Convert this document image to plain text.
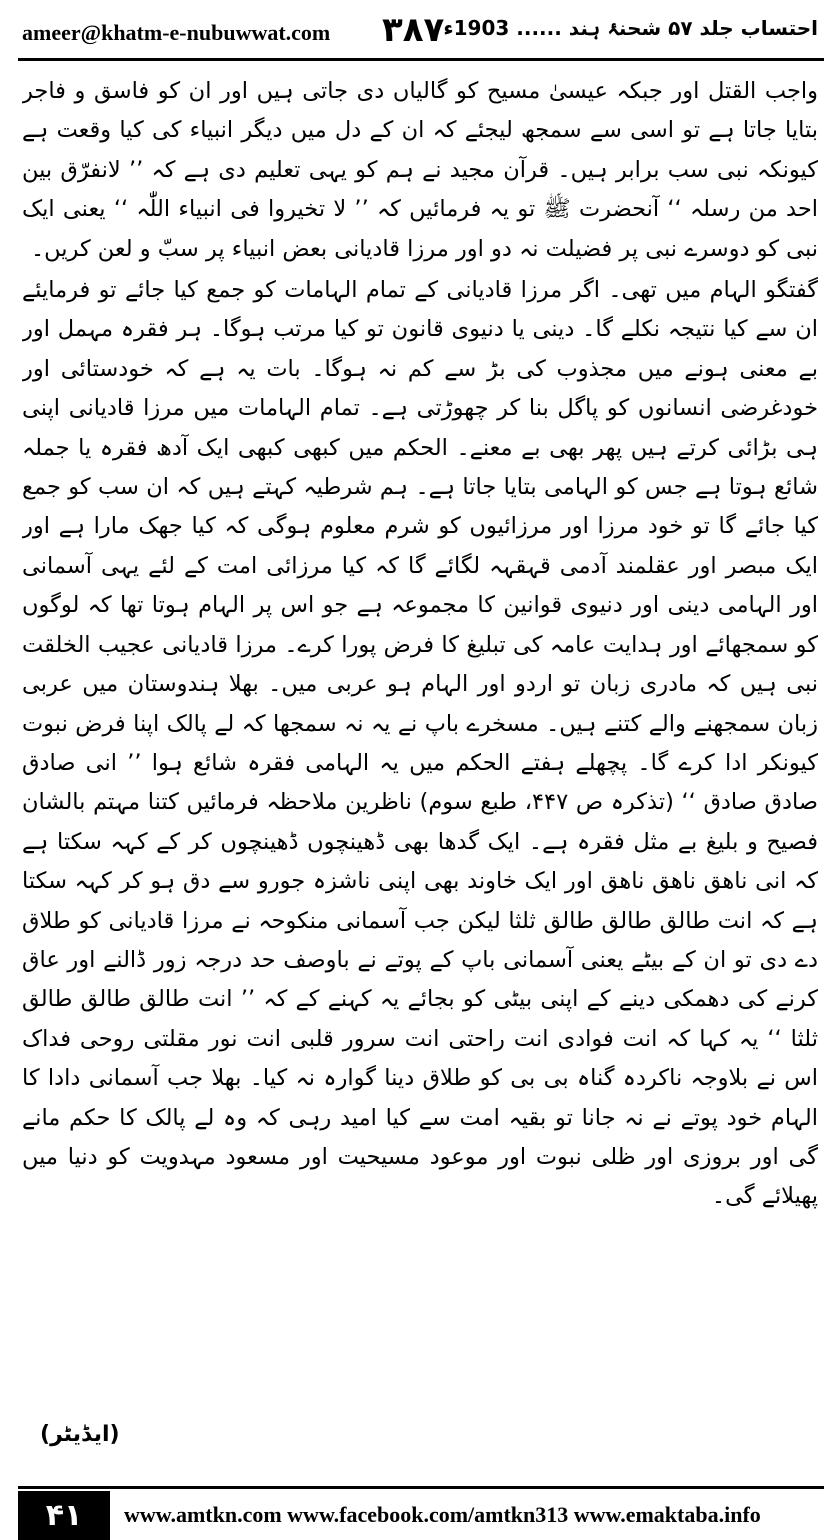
ameer@khatm-e-nubuwwat.com ۳۸۷ احتساب جلد ۵۷ شحنۂ ہند ...... 1903ء

واجب القتل اور جبکہ عیسیٰ مسیح کو گالیاں دی جاتی ہیں اور ان کو فاسق و فاجر بتایا جاتا ہے تو اسی سے سمجھ لیجئے کہ ان کے دل میں دیگر انبیاء کی کیا وقعت ہے کیونکہ نبی سب برابر ہیں۔ قرآن مجید نے ہم کو یہی تعلیم دی ہے کہ ’’ لانفرّق بین احد من رسلہ ‘‘ آنحضرت ﷺ تو یہ فرمائیں کہ ’’ لا تخیروا فی انبیاء اللّٰہ ‘‘ یعنی ایک نبی کو دوسرے نبی پر فضیلت نہ دو اور مرزا قادیانی بعض انبیاء پر سبّ و لعن کریں۔

گفتگو الہام میں تھی۔ اگر مرزا قادیانی کے تمام الہامات کو جمع کیا جائے تو فرمایئے ان سے کیا نتیجہ نکلے گا۔ دینی یا دنیوی قانون تو کیا مرتب ہوگا۔ ہر فقرہ مہمل اور بے معنی ہونے میں مجذوب کی بڑ سے کم نہ ہوگا۔ بات یہ ہے کہ خودستائی اور خودغرضی انسانوں کو پاگل بنا کر چھوڑتی ہے۔ تمام الہامات میں مرزا قادیانی اپنی ہی بڑائی کرتے ہیں پھر بھی بے معنے۔ الحکم میں کبھی کبھی ایک آدھ فقرہ یا جملہ شائع ہوتا ہے جس کو الہامی بتایا جاتا ہے۔ ہم شرطیہ کہتے ہیں کہ ان سب کو جمع کیا جائے گا تو خود مرزا اور مرزائیوں کو شرم معلوم ہوگی کہ کیا جھک مارا ہے اور ایک مبصر اور عقلمند آدمی قہقہہ لگائے گا کہ کیا مرزائی امت کے لئے یہی آسمانی اور الہامی دینی اور دنیوی قوانین کا مجموعہ ہے جو اس پر الہام ہوتا تھا کہ لوگوں کو سمجھائے اور ہدایت عامہ کی تبلیغ کا فرض پورا کرے۔ مرزا قادیانی عجیب الخلقت نبی ہیں کہ مادری زبان تو اردو اور الہام ہو عربی میں۔ بھلا ہندوستان میں عربی زبان سمجھنے والے کتنے ہیں۔ مسخرے باپ نے یہ نہ سمجھا کہ لے پالک اپنا فرض نبوت کیونکر ادا کرے گا۔ پچھلے ہفتے الحکم میں یہ الہامی فقرہ شائع ہوا ’’ انی صادق صادق صادق ‘‘ (تذکرہ ص ۴۴۷، طبع سوم) ناظرین ملاحظہ فرمائیں کتنا مہتم بالشان فصیح و بلیغ بے مثل فقرہ ہے۔ ایک گدھا بھی ڈھینچوں ڈھینچوں کر کے کہہ سکتا ہے کہ انی ناھق ناھق ناھق اور ایک خاوند بھی اپنی ناشزہ جورو سے دق ہو کر کہہ سکتا ہے کہ انت طالق طالق طالق ثلثا لیکن جب آسمانی منکوحہ نے مرزا قادیانی کو طلاق دے دی تو ان کے بیٹے یعنی آسمانی باپ کے پوتے نے باوصف حد درجہ زور ڈالنے اور عاق کرنے کی دھمکی دینے کے اپنی بیٹی کو بجائے یہ کہنے کے کہ ’’ انت طالق طالق طالق ثلثا ‘‘ یہ کہا کہ انت فوادی انت راحتی انت سرور قلبی انت نور مقلتی روحی فداک اس نے بلاوجہ ناکردہ گناہ بی بی کو طلاق دینا گوارہ نہ کیا۔ بھلا جب آسمانی دادا کا الہام خود پوتے نے نہ جانا تو بقیہ امت سے کیا امید رہی کہ وہ لے پالک کا حکم مانے گی اور بروزی اور ظلی نبوت اور موعود مسیحیت اور مسعود مہدویت کو دنیا میں پھیلائے گی۔

(ایڈیٹر)
۴۱	www.amtkn.com www.facebook.com/amtkn313 www.emaktaba.info
